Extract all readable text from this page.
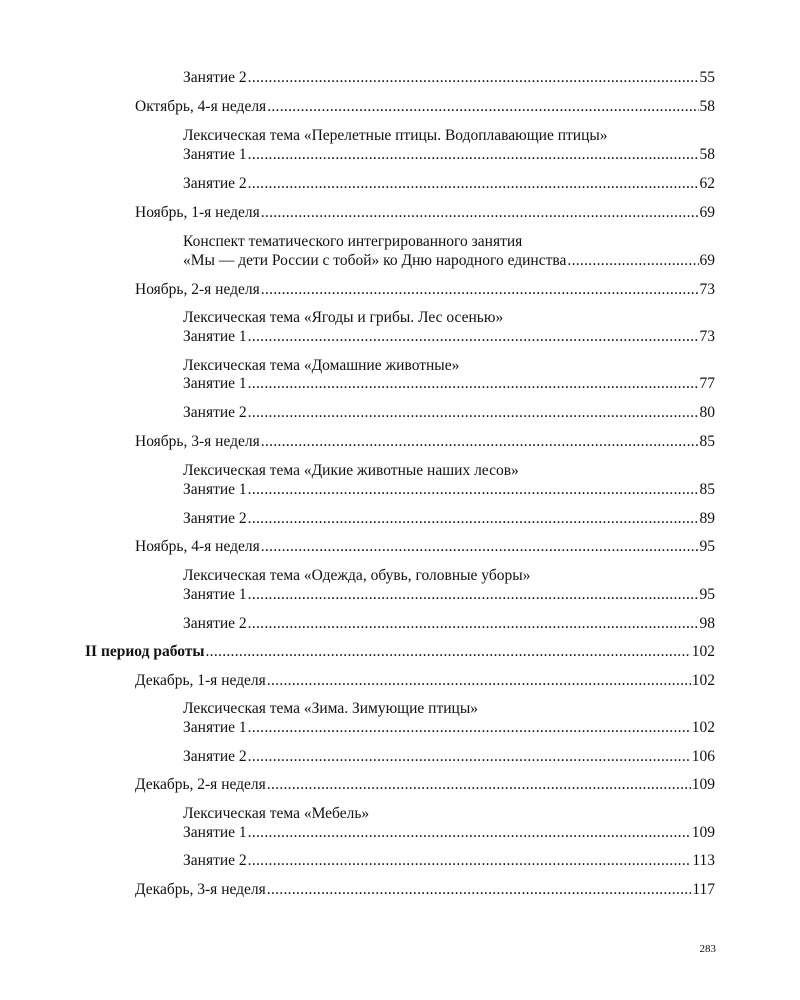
Занятие 2 .....	55
Октябрь, 4-я неделя .....	58
Лексическая тема «Перелетные птицы. Водоплавающие птицы»
Занятие 1 .....	58
Занятие 2 .....	62
Ноябрь, 1-я неделя .....	69
Конспект тематического интегрированного занятия
«Мы — дети России с тобой» ко Дню народного единства .....	69
Ноябрь, 2-я неделя .....	73
Лексическая тема «Ягоды и грибы. Лес осенью»
Занятие 1 .....	73
Лексическая тема «Домашние животные»
Занятие 1 .....	77
Занятие 2 .....	80
Ноябрь, 3-я неделя .....	85
Лексическая тема «Дикие животные наших лесов»
Занятие 1 .....	85
Занятие 2 .....	89
Ноябрь, 4-я неделя .....	95
Лексическая тема «Одежда, обувь, головные уборы»
Занятие 1 .....	95
Занятие 2 .....	98
II период работы .....	102
Декабрь, 1-я неделя .....	102
Лексическая тема «Зима. Зимующие птицы»
Занятие 1 .....	102
Занятие 2 .....	106
Декабрь, 2-я неделя .....	109
Лексическая тема «Мебель»
Занятие 1 .....	109
Занятие 2 .....	113
Декабрь, 3-я неделя .....	117
283
